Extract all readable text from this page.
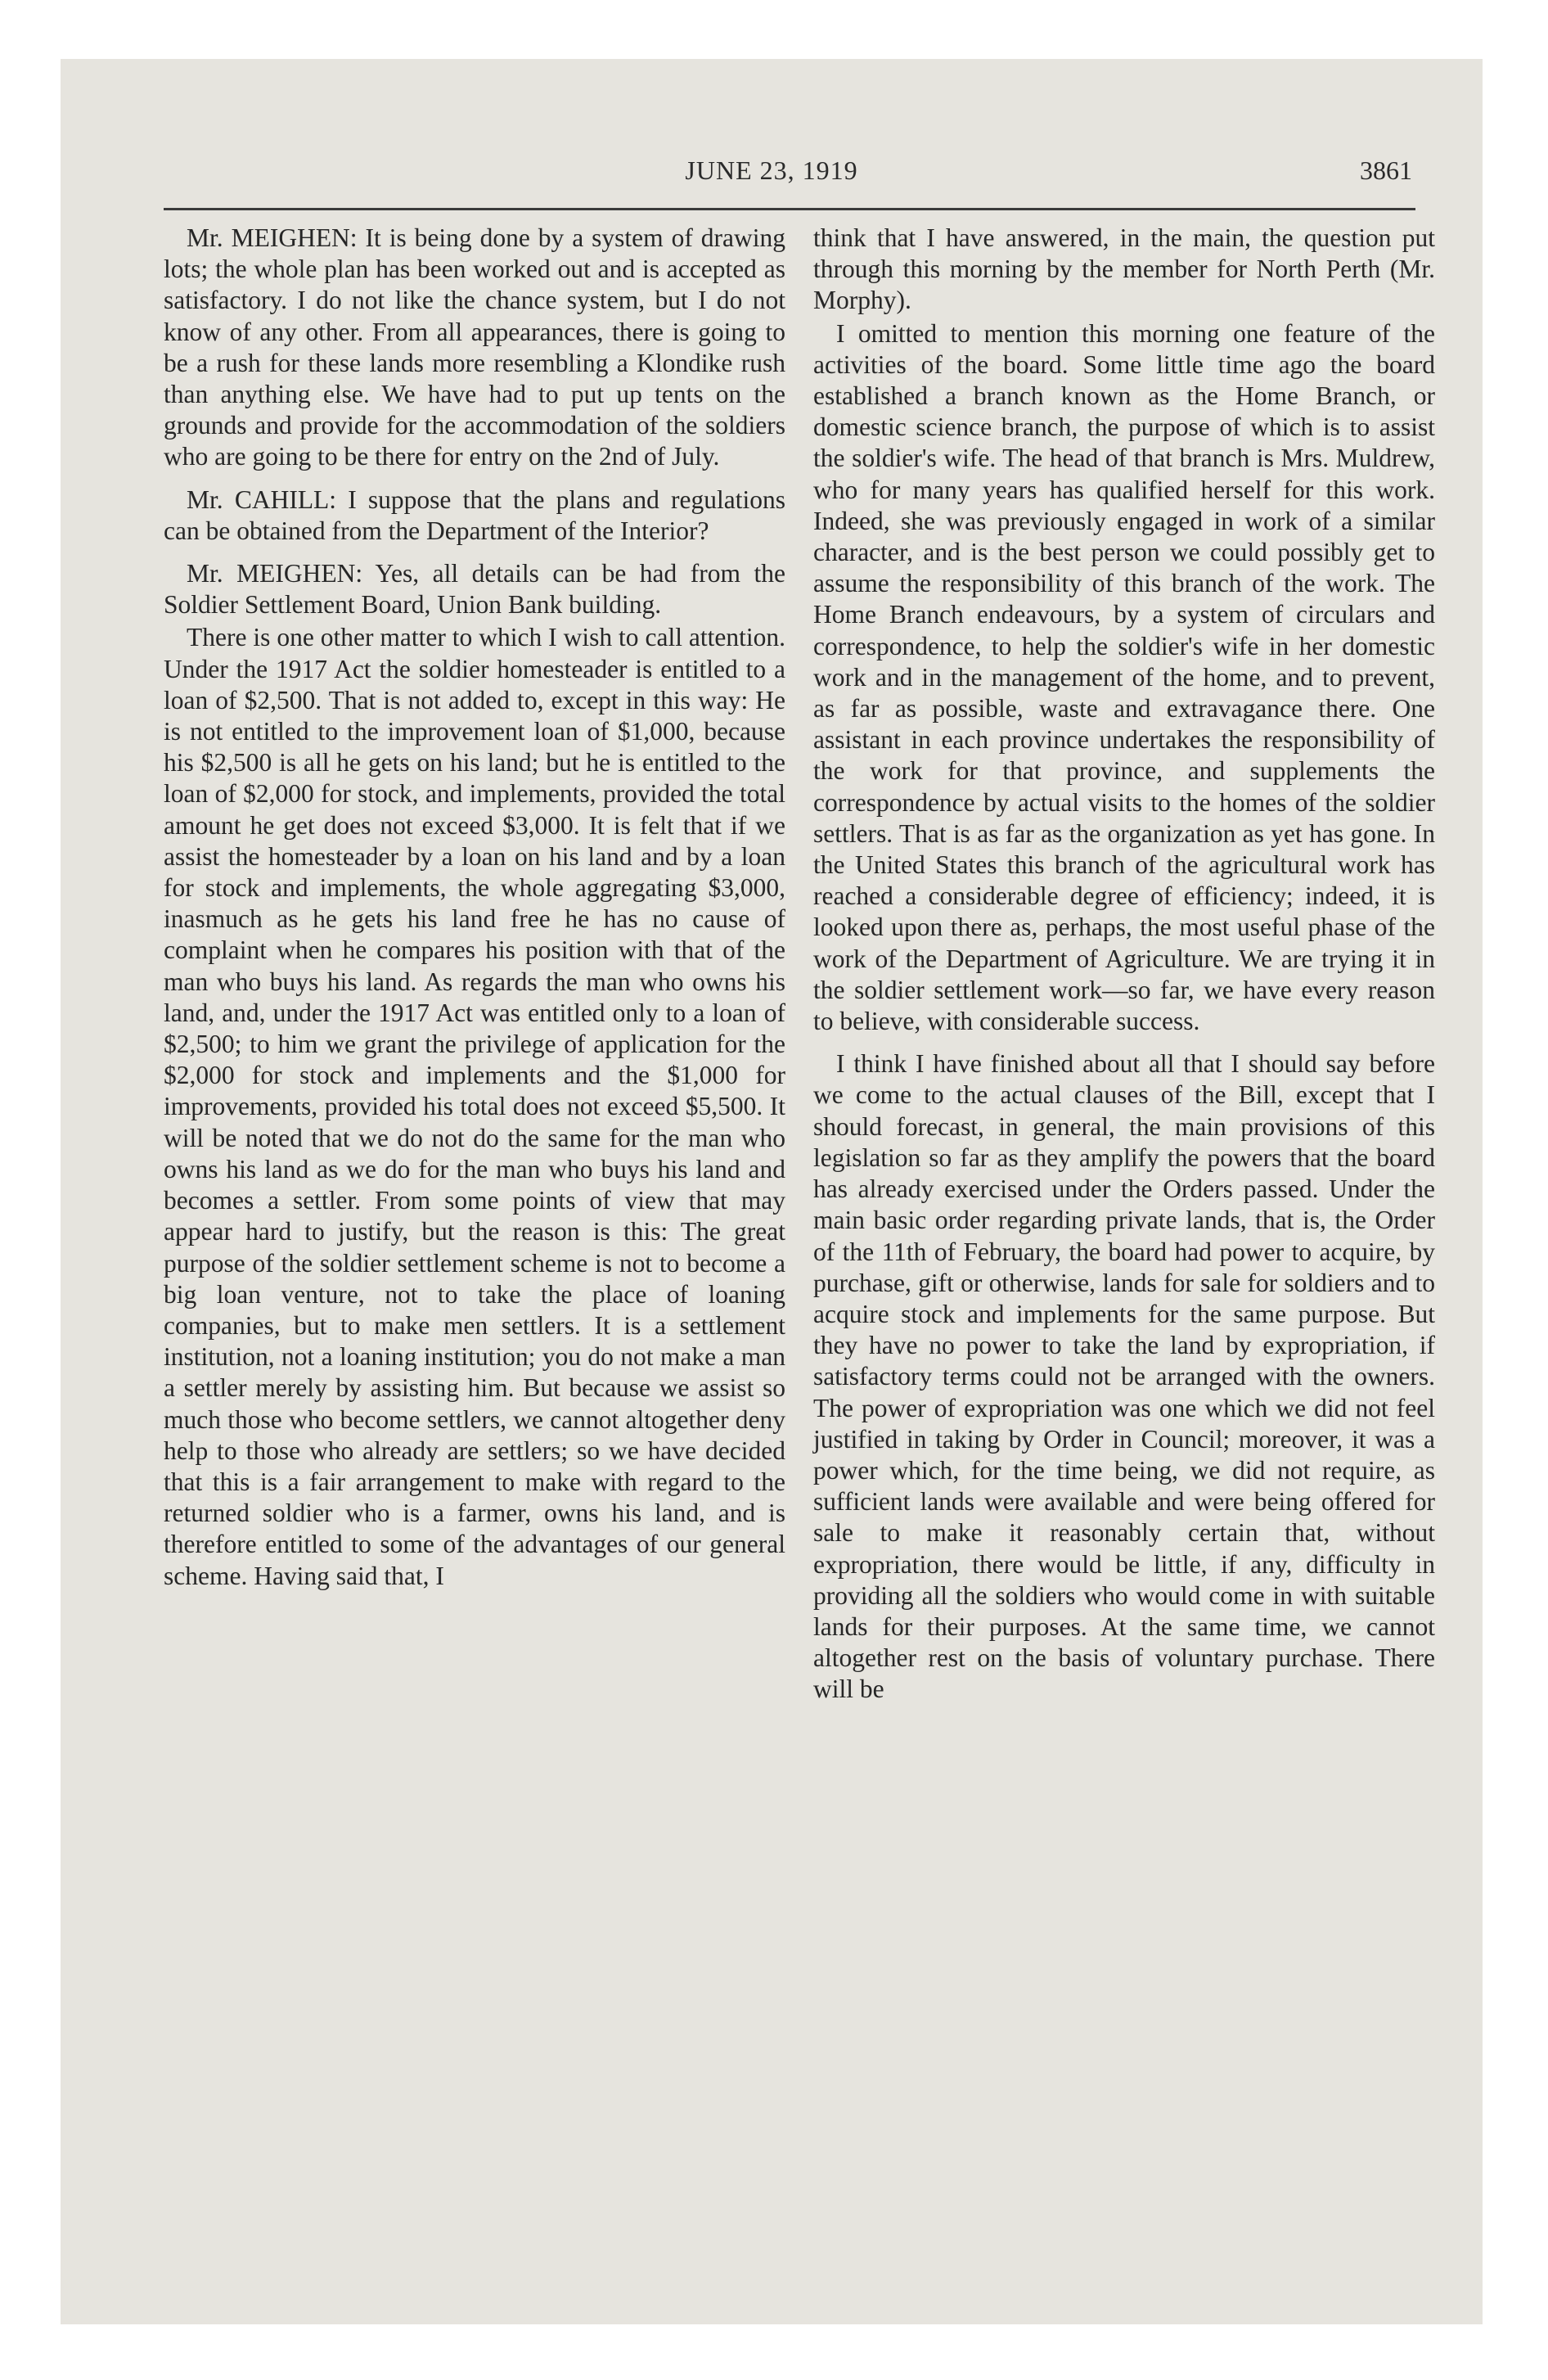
JUNE 23, 1919	3861

Mr. MEIGHEN: It is being done by a system of drawing lots; the whole plan has been worked out and is accepted as satisfactory. I do not like the chance system, but I do not know of any other. From all appearances, there is going to be a rush for these lands more resembling a Klondike rush than anything else. We have had to put up tents on the grounds and provide for the accommodation of the soldiers who are going to be there for entry on the 2nd of July.

Mr. CAHILL: I suppose that the plans and regulations can be obtained from the Department of the Interior?

Mr. MEIGHEN: Yes, all details can be had from the Soldier Settlement Board, Union Bank building.

There is one other matter to which I wish to call attention. Under the 1917 Act the soldier homesteader is entitled to a loan of $2,500. That is not added to, except in this way: He is not entitled to the improvement loan of $1,000, because his $2,500 is all he gets on his land; but he is entitled to the loan of $2,000 for stock, and implements, provided the total amount he get does not exceed $3,000. It is felt that if we assist the homesteader by a loan on his land and by a loan for stock and implements, the whole aggregating $3,000, inasmuch as he gets his land free he has no cause of complaint when he compares his position with that of the man who buys his land. As regards the man who owns his land, and, under the 1917 Act was entitled only to a loan of $2,500; to him we grant the privilege of application for the $2,000 for stock and implements and the $1,000 for improvements, provided his total does not exceed $5,500. It will be noted that we do not do the same for the man who owns his land as we do for the man who buys his land and becomes a settler. From some points of view that may appear hard to justify, but the reason is this: The great purpose of the soldier settlement scheme is not to become a big loan venture, not to take the place of loaning companies, but to make men settlers. It is a settlement institution, not a loaning institution; you do not make a man a settler merely by assisting him. But because we assist so much those who become settlers, we cannot altogether deny help to those who already are settlers; so we have decided that this is a fair arrangement to make with regard to the returned soldier who is a farmer, owns his land, and is therefore entitled to some of the advantages of our general scheme. Having said that, I

think that I have answered, in the main, the question put through this morning by the member for North Perth (Mr. Morphy).

I omitted to mention this morning one feature of the activities of the board. Some little time ago the board established a branch known as the Home Branch, or domestic science branch, the purpose of which is to assist the soldier's wife. The head of that branch is Mrs. Muldrew, who for many years has qualified herself for this work. Indeed, she was previously engaged in work of a similar character, and is the best person we could possibly get to assume the responsibility of this branch of the work. The Home Branch endeavours, by a system of circulars and correspondence, to help the soldier's wife in her domestic work and in the management of the home, and to prevent, as far as possible, waste and extravagance there. One assistant in each province undertakes the responsibility of the work for that province, and supplements the correspondence by actual visits to the homes of the soldier settlers. That is as far as the organization as yet has gone. In the United States this branch of the agricultural work has reached a considerable degree of efficiency; indeed, it is looked upon there as, perhaps, the most useful phase of the work of the Department of Agriculture. We are trying it in the soldier settlement work—so far, we have every reason to believe, with considerable success.

I think I have finished about all that I should say before we come to the actual clauses of the Bill, except that I should forecast, in general, the main provisions of this legislation so far as they amplify the powers that the board has already exercised under the Orders passed. Under the main basic order regarding private lands, that is, the Order of the 11th of February, the board had power to acquire, by purchase, gift or otherwise, lands for sale for soldiers and to acquire stock and implements for the same purpose. But they have no power to take the land by expropriation, if satisfactory terms could not be arranged with the owners. The power of expropriation was one which we did not feel justified in taking by Order in Council; moreover, it was a power which, for the time being, we did not require, as sufficient lands were available and were being offered for sale to make it reasonably certain that, without expropriation, there would be little, if any, difficulty in providing all the soldiers who would come in with suitable lands for their purposes. At the same time, we cannot altogether rest on the basis of voluntary purchase. There will be
